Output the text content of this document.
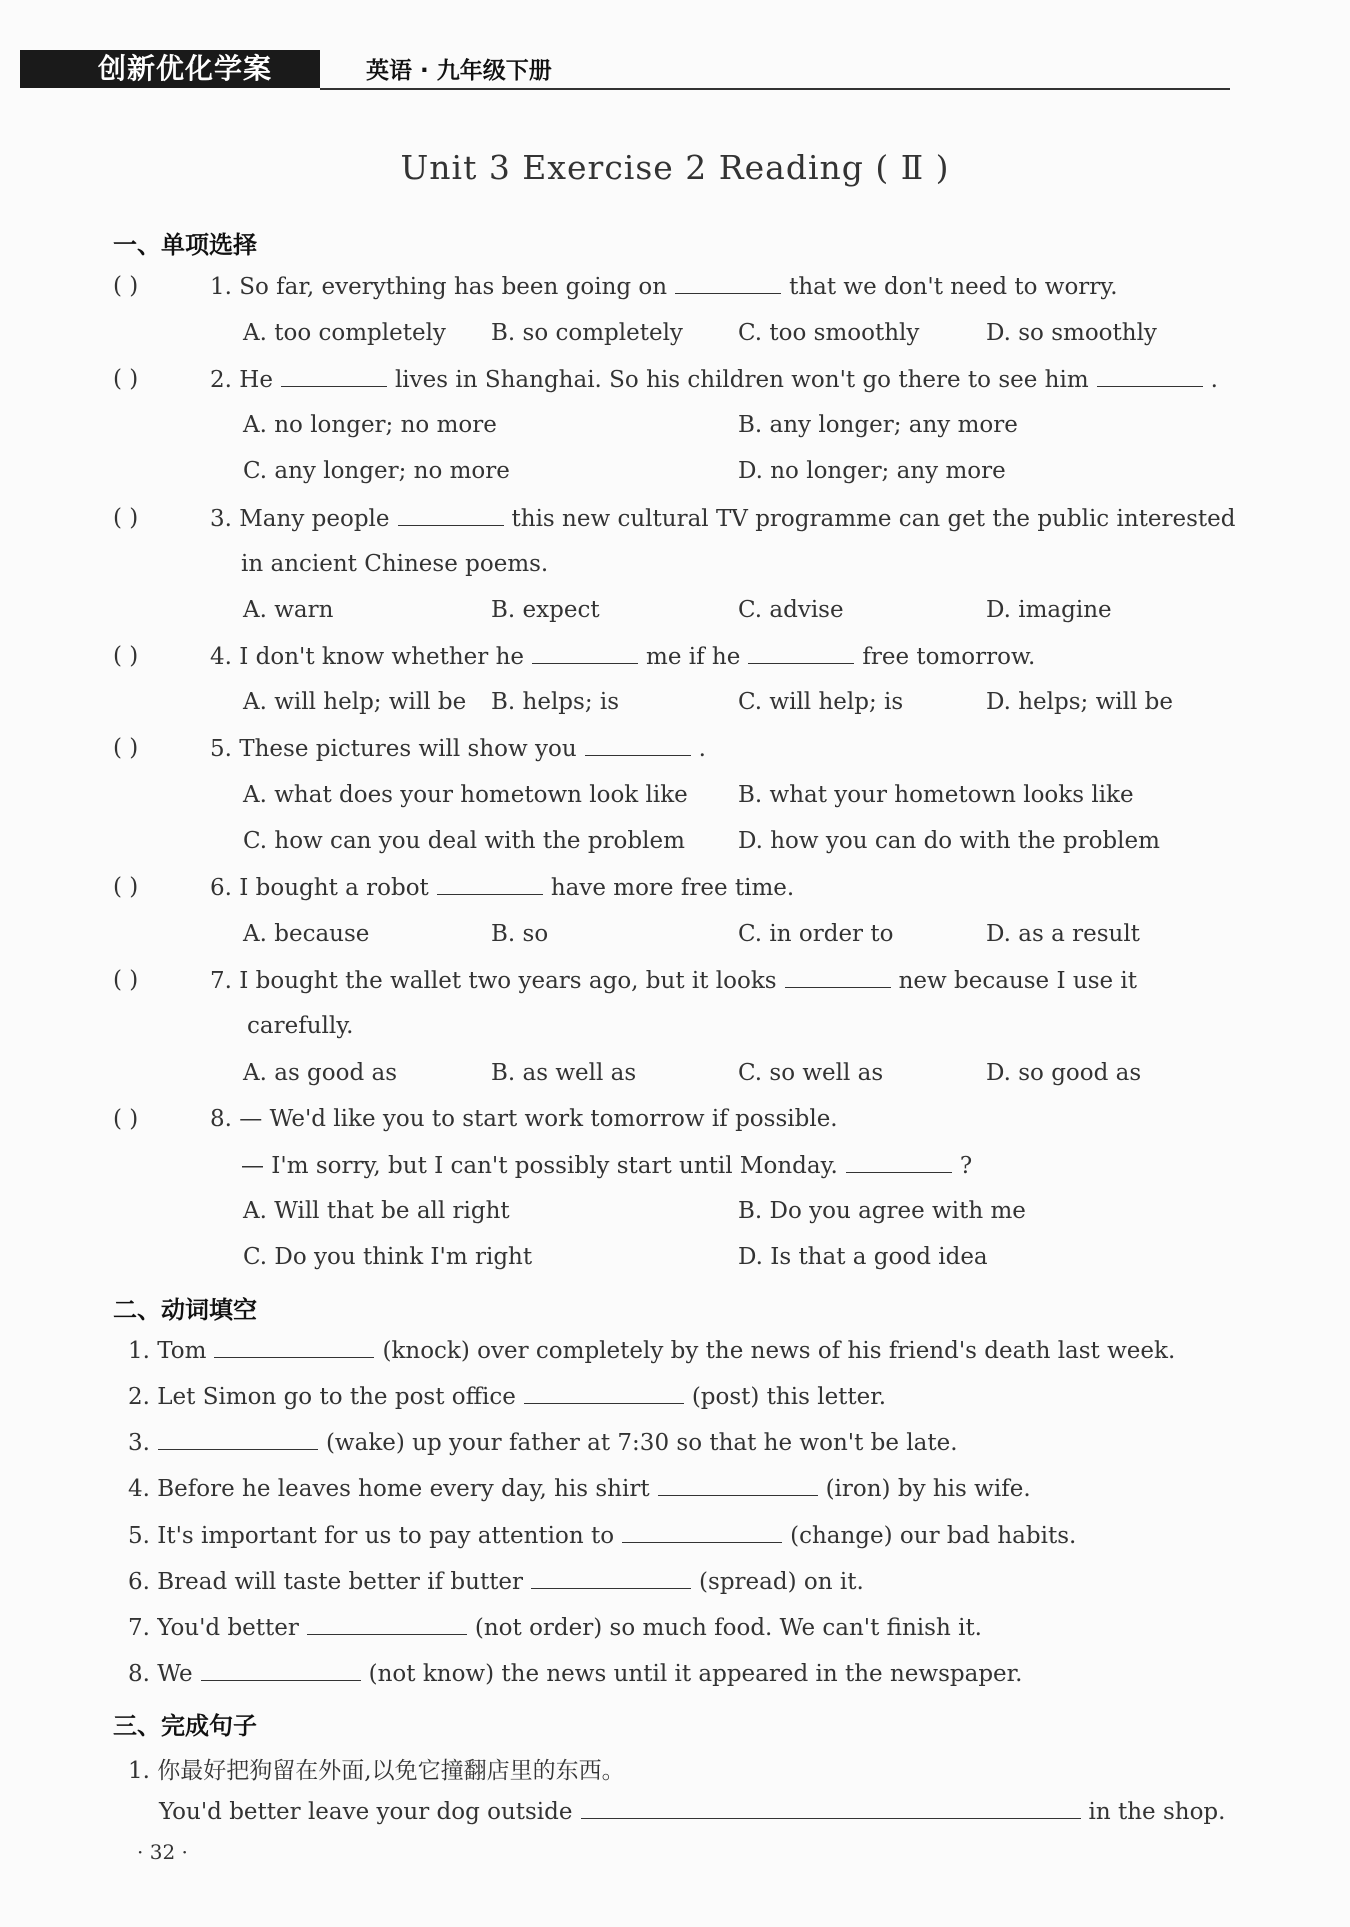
创新优化学案	英语 · 九年级下册
Unit 3 Exercise 2 Reading ( Ⅱ )
一、单项选择
( )	1. So far, everything has been going on	that we don't need to worry.
A. too completely B. so completely C. too smoothly	D. so smoothly
( )	2. He	lives in Shanghai. So his children won't go there to see him	.
A. no longer; no more	B. any longer; any more
C. any longer; no more	D. no longer; any more
( )	3. Many people	this new cultural TV programme can get the public interested
in ancient Chinese poems.
A. warn	B. expect	C. advise	D. imagine
( )	4. I don't know whether he	me if he	free tomorrow.
A. will help; will be B. helps; is	C. will help; is	D. helps; will be
( )	5. These pictures will show you	.
A. what does your hometown look like B. what your hometown looks like
C. how can you deal with the problem D. how you can do with the problem
( )	6. I bought a robot	have more free time.
A. because	B. so	C. in order to	D. as a result
( )	7. I bought the wallet two years ago, but it looks	new because I use it
carefully.
A. as good as	B. as well as	C. so well as	D. so good as
( )	8. — We'd like you to start work tomorrow if possible.
— I'm sorry, but I can't possibly start until Monday.	?
A. Will that be all right	B. Do you agree with me
C. Do you think I'm right	D. Is that a good idea
二、动词填空
1. Tom	(knock) over completely by the news of his friend's death last week.
2. Let Simon go to the post office	(post) this letter.
3.	(wake) up your father at 7:30 so that he won't be late.
4. Before he leaves home every day, his shirt	(iron) by his wife.
5. It's important for us to pay attention to	(change) our bad habits.
6. Bread will taste better if butter	(spread) on it.
7. You'd better	(not order) so much food. We can't finish it.
8. We	(not know) the news until it appeared in the newspaper.
三、完成句子
1. 你最好把狗留在外面,以免它撞翻店里的东西。
You'd better leave your dog outside	in the shop.
· 32 ·
